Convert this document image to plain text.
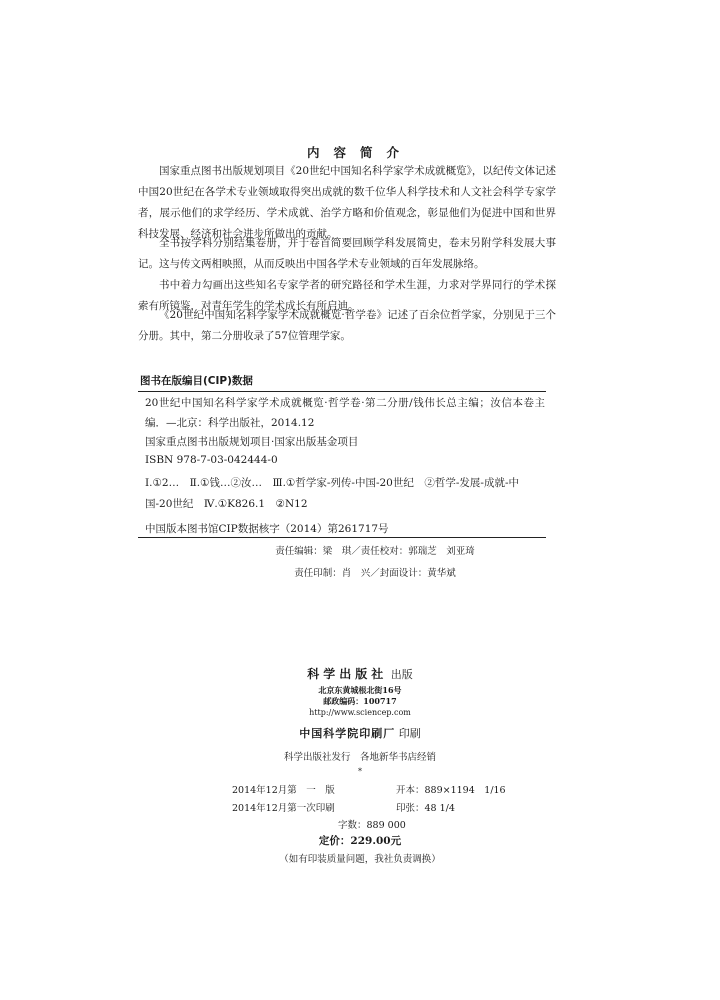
内容简介

国家重点图书出版规划项目《20世纪中国知名科学家学术成就概览》，以纪传文体记述中国20世纪在各学术专业领域取得突出成就的数千位华人科学技术和人文社会科学专家学者，展示他们的求学经历、学术成就、治学方略和价值观念，彰显他们为促进中国和世界科技发展、经济和社会进步所做出的贡献。

全书按学科分别结集卷册，并于卷首简要回顾学科发展简史，卷末另附学科发展大事记。这与传文两相映照，从而反映出中国各学术专业领域的百年发展脉络。

书中着力勾画出这些知名专家学者的研究路径和学术生涯，力求对学界同行的学术探索有所镜鉴，对青年学生的学术成长有所启迪。

《20世纪中国知名科学家学术成就概览·哲学卷》记述了百余位哲学家，分别见于三个分册。其中，第二分册收录了57位管理学家。

图书在版编目(CIP)数据

20世纪中国知名科学家学术成就概览·哲学卷·第二分册/钱伟长总主编；汝信本卷主编．—北京：科学出版社，2014.12

国家重点图书出版规划项目·国家出版基金项目

ISBN 978-7-03-042444-0

Ⅰ.①2…　Ⅱ.①钱…②汝…　Ⅲ.①哲学家-列传-中国-20世纪　②哲学-发展-成就-中国-20世纪　Ⅳ.①K826.1　②N12

中国版本图书馆CIP数据核字（2014）第261717号

责任编辑：梁　琪／责任校对：郭瑞芝　刘亚琦
责任印制：肖　兴／封面设计：黄华斌
科学出版社 出版
北京东黄城根北街16号
邮政编码：100717
http://www.sciencep.com
中国科学院印刷厂 印刷
科学出版社发行　各地新华书店经销
*
2014年12月第　一　版	开本：889×1194　1/16
2014年12月第一次印刷	印张：48 1/4
字数：889 000
定价：229.00元
（如有印装质量问题，我社负责调换）
